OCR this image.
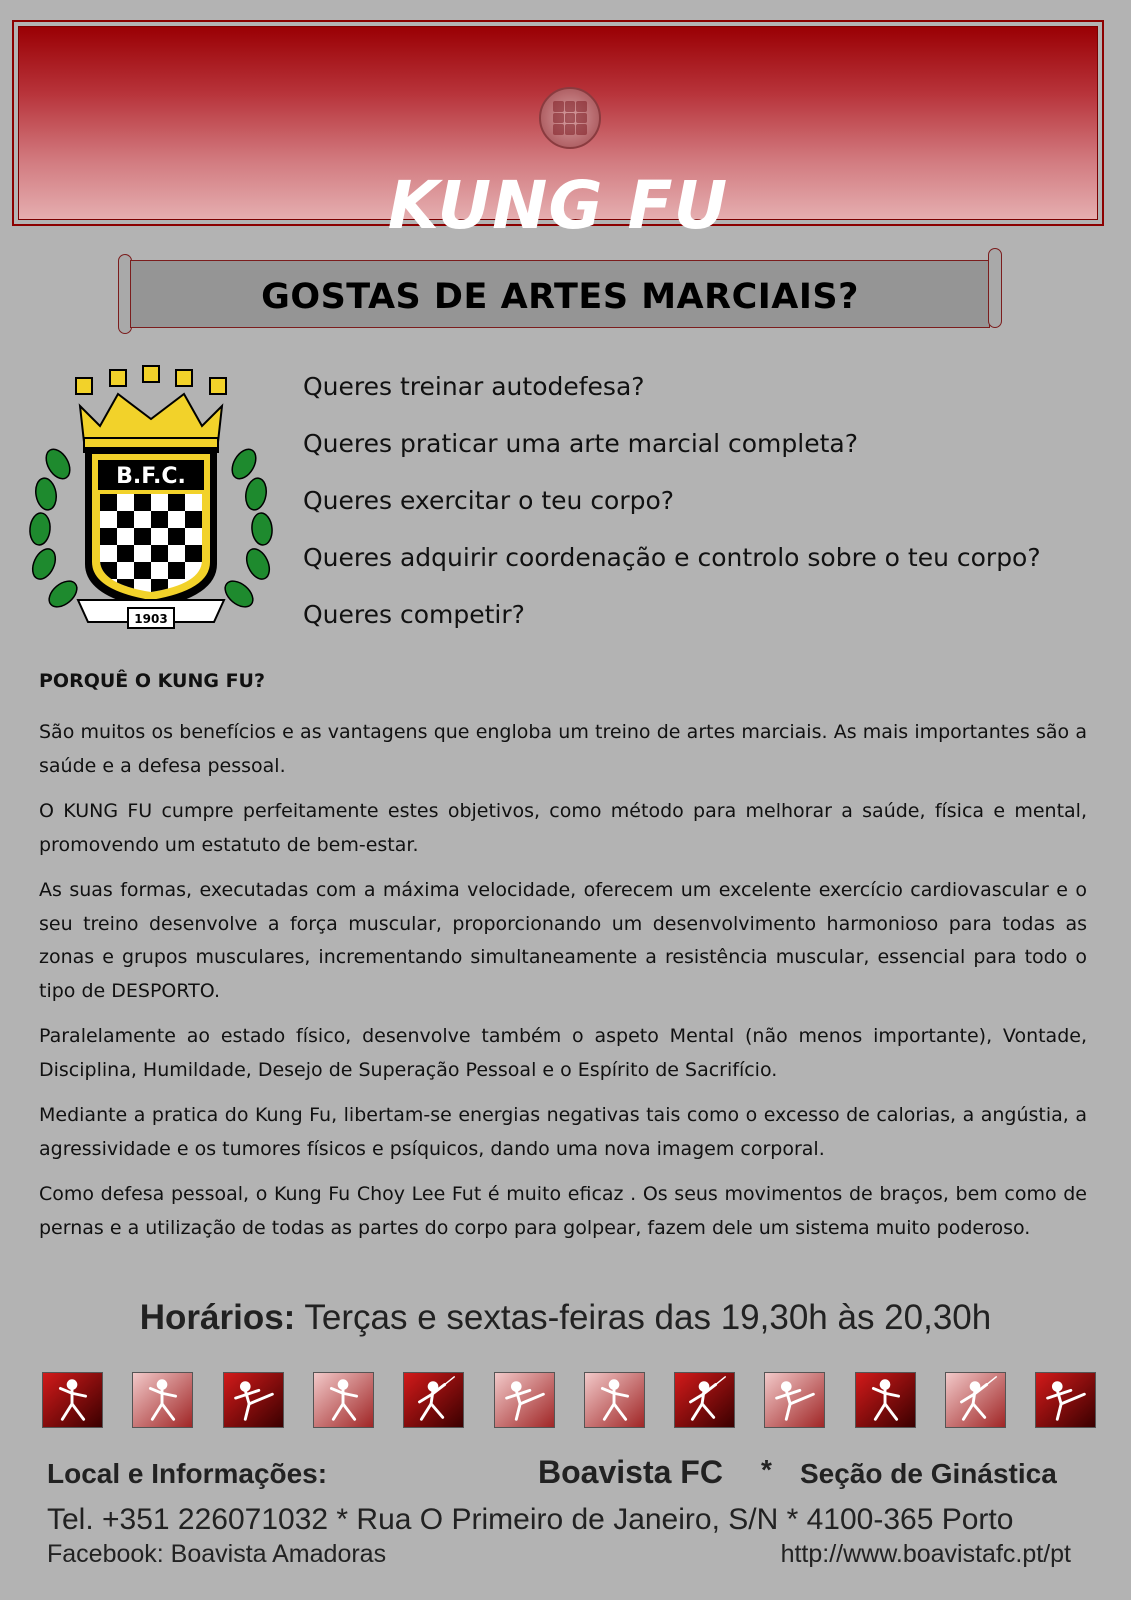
KUNG FU
GOSTAS DE ARTES MARCIAIS?
B.F.C.
1903
Queres treinar autodefesa?
Queres praticar uma arte marcial completa?
Queres exercitar o teu corpo?
Queres adquirir coordenação e controlo sobre o teu corpo?
Queres competir?
PORQUÊ O KUNG FU?

São muitos os benefícios e as vantagens que engloba um treino de artes marciais. As mais importantes são a saúde e a defesa pessoal.

O KUNG FU cumpre perfeitamente estes objetivos, como método para melhorar a saúde, física e mental, promovendo um estatuto de bem-estar.

As suas formas, executadas com a máxima velocidade, oferecem um excelente exercício cardiovascular e o seu treino desenvolve a força muscular, proporcionando um desenvolvimento harmonioso para todas as zonas e grupos musculares, incrementando simultaneamente a resistência muscular, essencial para todo o tipo de DESPORTO.

Paralelamente ao estado físico, desenvolve também o aspeto Mental (não menos importante), Vontade, Disciplina, Humildade, Desejo de Superação Pessoal e o Espírito de Sacrifício.

Mediante a pratica do Kung Fu, libertam-se energias negativas tais como o excesso de calorias, a angústia, a agressividade e os tumores físicos e psíquicos, dando uma nova imagem corporal.

Como defesa pessoal, o Kung Fu Choy Lee Fut é muito eficaz . Os seus movimentos de braços, bem como de pernas e a utilização de todas as partes do corpo para golpear, fazem dele um sistema muito poderoso.

Horários: Terças e sextas-feiras das 19,30h às 20,30h
Local e Informações:	Boavista FC * Seção de Ginástica
Tel. +351 226071032 * Rua O Primeiro de Janeiro, S/N * 4100-365 Porto
Facebook: Boavista Amadoras	http://www.boavistafc.pt/pt
